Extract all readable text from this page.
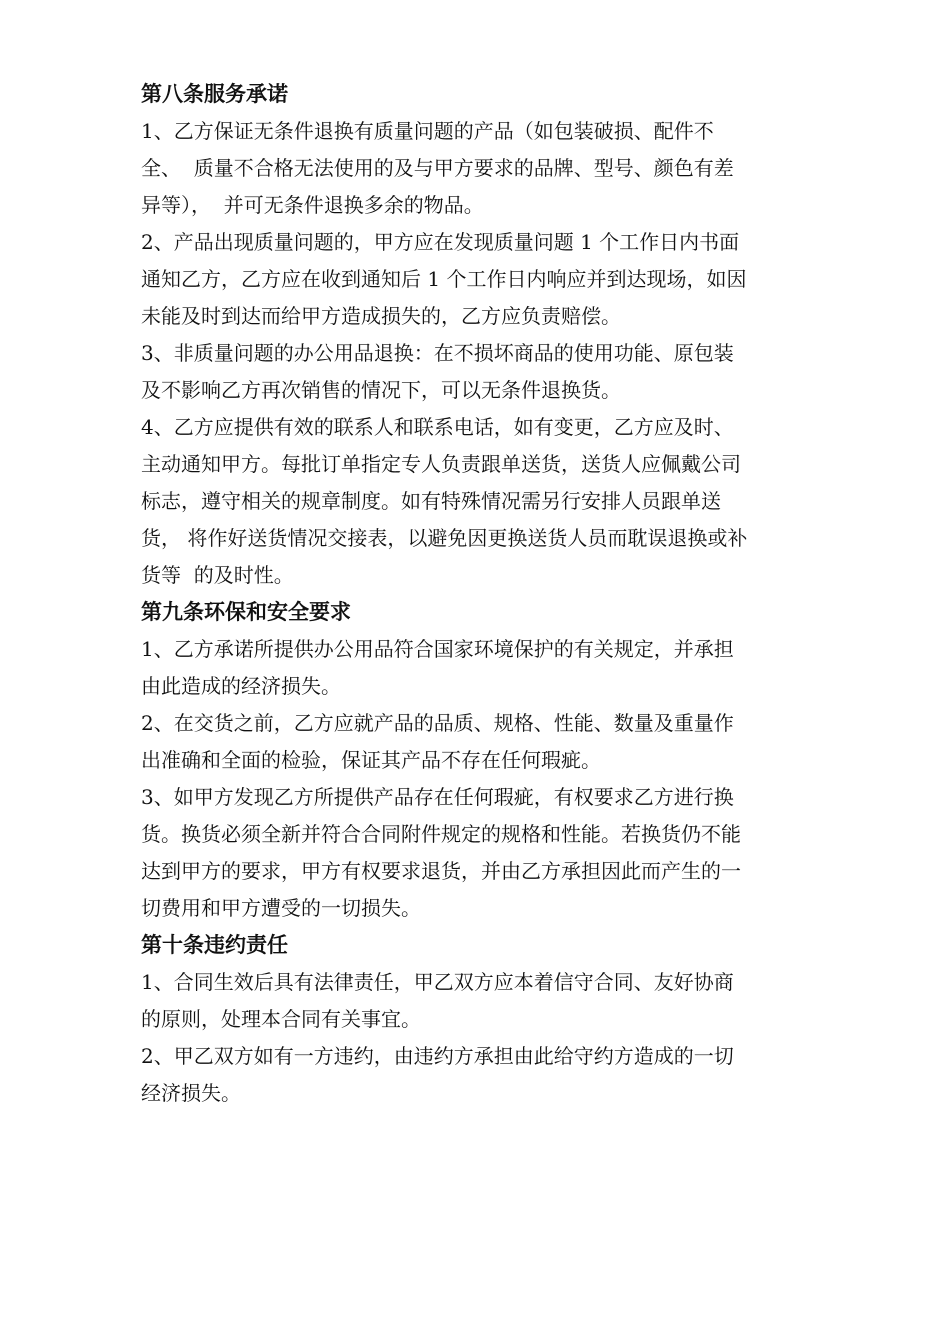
第八条服务承诺
1、乙方保证无条件退换有质量问题的产品（如包装破损、配件不
全、  质量不合格无法使用的及与甲方要求的品牌、型号、颜色有差
异等），  并可无条件退换多余的物品。
2、产品出现质量问题的，甲方应在发现质量问题 1 个工作日内书面
通知乙方，乙方应在收到通知后 1 个工作日内响应并到达现场，如因
未能及时到达而给甲方造成损失的，乙方应负责赔偿。
3、非质量问题的办公用品退换：在不损坏商品的使用功能、原包装
及不影响乙方再次销售的情况下，可以无条件退换货。
4、乙方应提供有效的联系人和联系电话，如有变更，乙方应及时、
主动通知甲方。每批订单指定专人负责跟单送货，送货人应佩戴公司
标志，遵守相关的规章制度。如有特殊情况需另行安排人员跟单送
货， 将作好送货情况交接表，以避免因更换送货人员而耽误退换或补
货等  的及时性。
第九条环保和安全要求
1、乙方承诺所提供办公用品符合国家环境保护的有关规定，并承担
由此造成的经济损失。
2、在交货之前，乙方应就产品的品质、规格、性能、数量及重量作
出准确和全面的检验，保证其产品不存在任何瑕疵。
3、如甲方发现乙方所提供产品存在任何瑕疵，有权要求乙方进行换
货。换货必须全新并符合合同附件规定的规格和性能。若换货仍不能
达到甲方的要求，甲方有权要求退货，并由乙方承担因此而产生的一
切费用和甲方遭受的一切损失。
第十条违约责任
1、合同生效后具有法律责任，甲乙双方应本着信守合同、友好协商
的原则，处理本合同有关事宜。
2、甲乙双方如有一方违约，由违约方承担由此给守约方造成的一切
经济损失。
